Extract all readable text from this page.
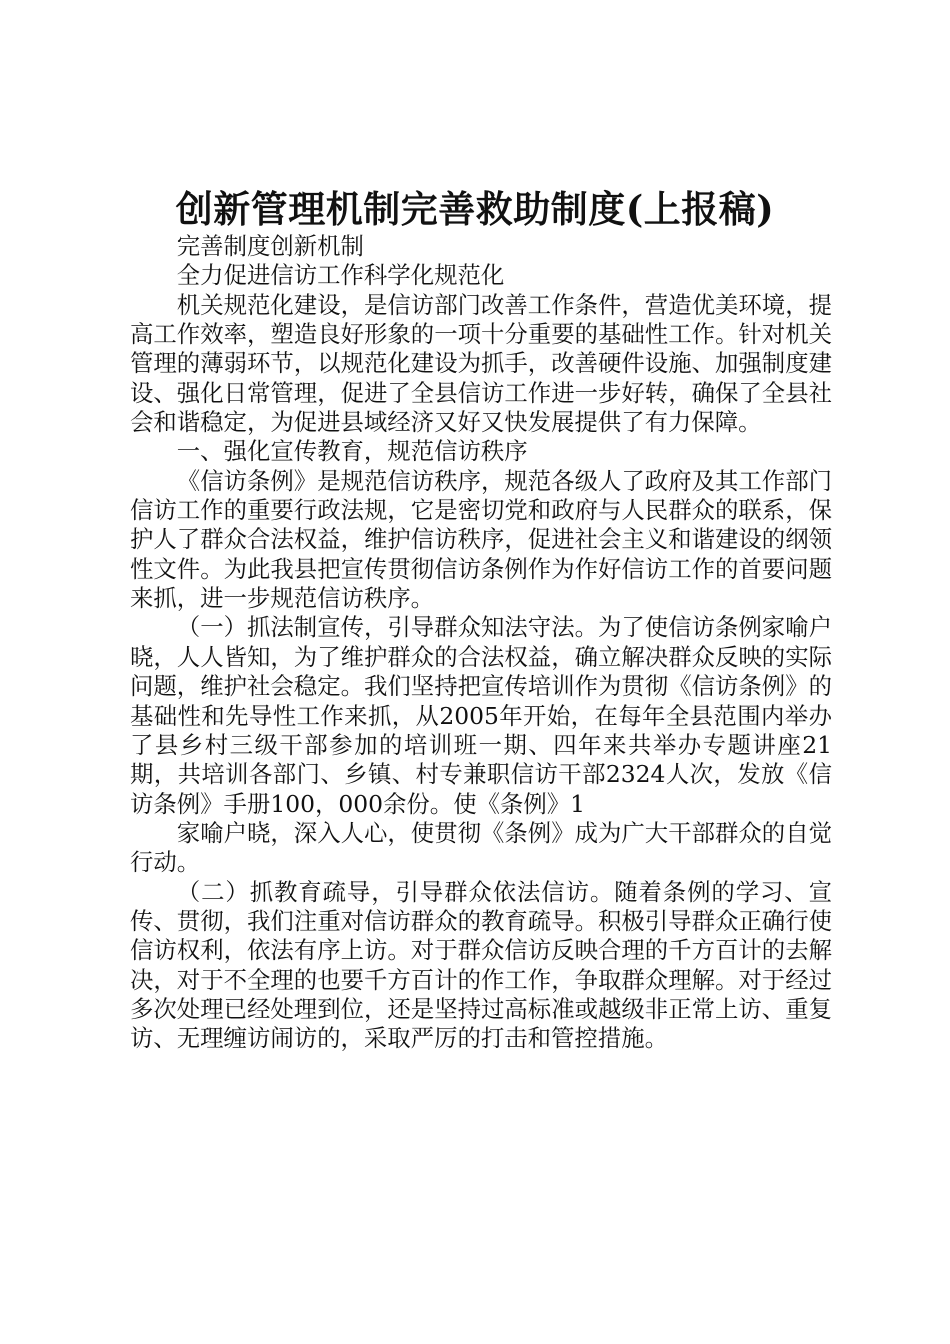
创新管理机制完善救助制度(上报稿)

完善制度创新机制

全力促进信访工作科学化规范化

机关规范化建设，是信访部门改善工作条件，营造优美环境，提高工作效率，塑造良好形象的一项十分重要的基础性工作。针对机关管理的薄弱环节，以规范化建设为抓手，改善硬件设施、加强制度建设、强化日常管理，促进了全县信访工作进一步好转，确保了全县社会和谐稳定，为促进县域经济又好又快发展提供了有力保障。

一、强化宣传教育，规范信访秩序

《信访条例》是规范信访秩序，规范各级人了政府及其工作部门信访工作的重要行政法规，它是密切党和政府与人民群众的联系，保护人了群众合法权益，维护信访秩序，促进社会主义和谐建设的纲领性文件。为此我县把宣传贯彻信访条例作为作好信访工作的首要问题来抓，进一步规范信访秩序。

（一）抓法制宣传，引导群众知法守法。为了使信访条例家喻户晓，人人皆知，为了维护群众的合法权益，确立解决群众反映的实际问题，维护社会稳定。我们坚持把宣传培训作为贯彻《信访条例》的基础性和先导性工作来抓，从2005年开始，在每年全县范围内举办了县乡村三级干部参加的培训班一期、四年来共举办专题讲座21期，共培训各部门、乡镇、村专兼职信访干部2324人次，发放《信访条例》手册100，000余份。使《条例》1

家喻户晓，深入人心，使贯彻《条例》成为广大干部群众的自觉行动。

（二）抓教育疏导，引导群众依法信访。随着条例的学习、宣传、贯彻，我们注重对信访群众的教育疏导。积极引导群众正确行使信访权利，依法有序上访。对于群众信访反映合理的千方百计的去解决，对于不全理的也要千方百计的作工作，争取群众理解。对于经过多次处理已经处理到位，还是坚持过高标准或越级非正常上访、重复访、无理缠访闹访的，采取严厉的打击和管控措施。
